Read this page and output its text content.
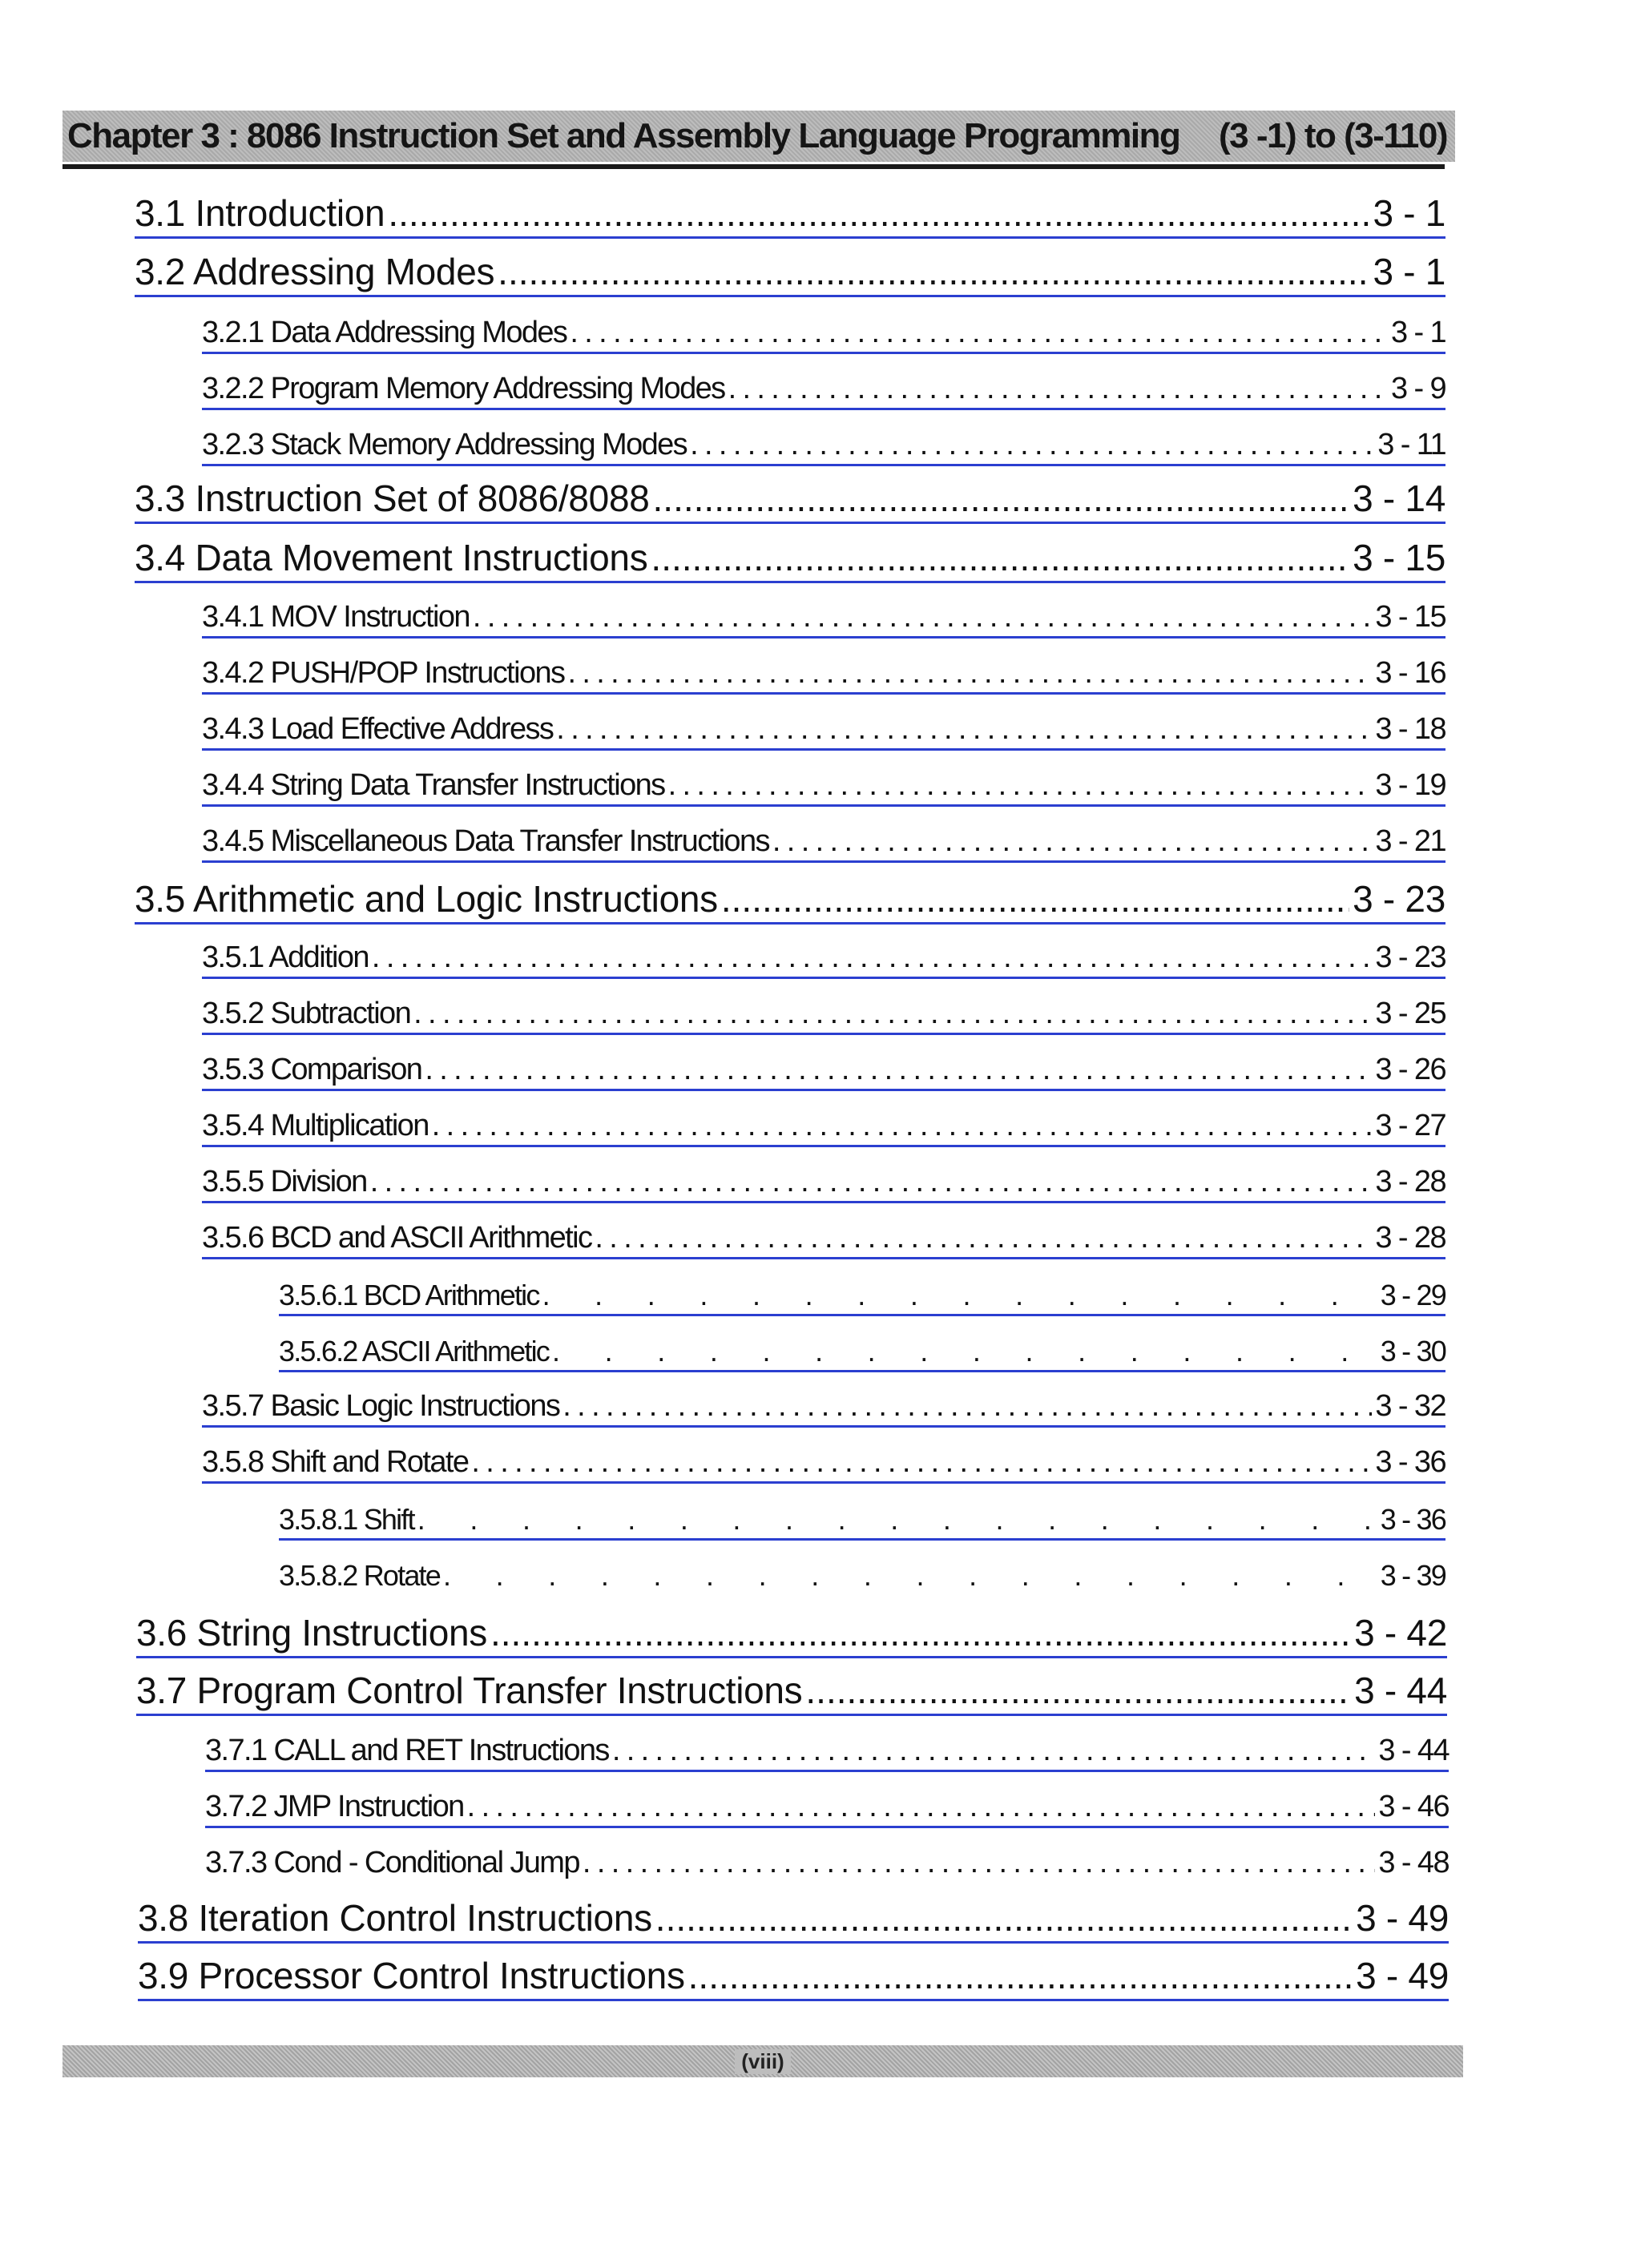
Chapter 3 : 8086 Instruction Set and Assembly Language Programming (3 -1) to (3-110)
3.1 Introduction .....	3 - 1
3.2 Addressing Modes .....	3 - 1
3.2.1 Data Addressing Modes . . .	3 - 1
3.2.2 Program Memory Addressing Modes . . .	3 - 9
3.2.3 Stack Memory Addressing Modes . . .	3 - 11
3.3 Instruction Set of 8086/8088 .....	3 - 14
3.4 Data Movement Instructions .....	3 - 15
3.4.1 MOV Instruction . . .	3 - 15
3.4.2 PUSH/POP Instructions . . .	3 - 16
3.4.3 Load Effective Address . . .	3 - 18
3.4.4 String Data Transfer Instructions . . .	3 - 19
3.4.5 Miscellaneous Data Transfer Instructions . . .	3 - 21
3.5 Arithmetic and Logic Instructions .....	3 - 23
3.5.1 Addition . . .	3 - 23
3.5.2 Subtraction . . .	3 - 25
3.5.3 Comparison . . .	3 - 26
3.5.4 Multiplication . . .	3 - 27
3.5.5 Division . . .	3 - 28
3.5.6 BCD and ASCII Arithmetic . . .	3 - 28
3.5.6.1 BCD Arithmetic .	3 - 29
3.5.6.2 ASCII Arithmetic .	3 - 30
3.5.7 Basic Logic Instructions . . .	3 - 32
3.5.8 Shift and Rotate . . .	3 - 36
3.5.8.1 Shift .	3 - 36
3.5.8.2 Rotate .	3 - 39
3.6 String Instructions .....	3 - 42
3.7 Program Control Transfer Instructions .....	3 - 44
3.7.1 CALL and RET Instructions . . .	3 - 44
3.7.2 JMP Instruction . . .	3 - 46
3.7.3 Cond - Conditional Jump . . .	3 - 48
3.8 Iteration Control Instructions .....	3 - 49
3.9 Processor Control Instructions .....	3 - 49
(viii)
